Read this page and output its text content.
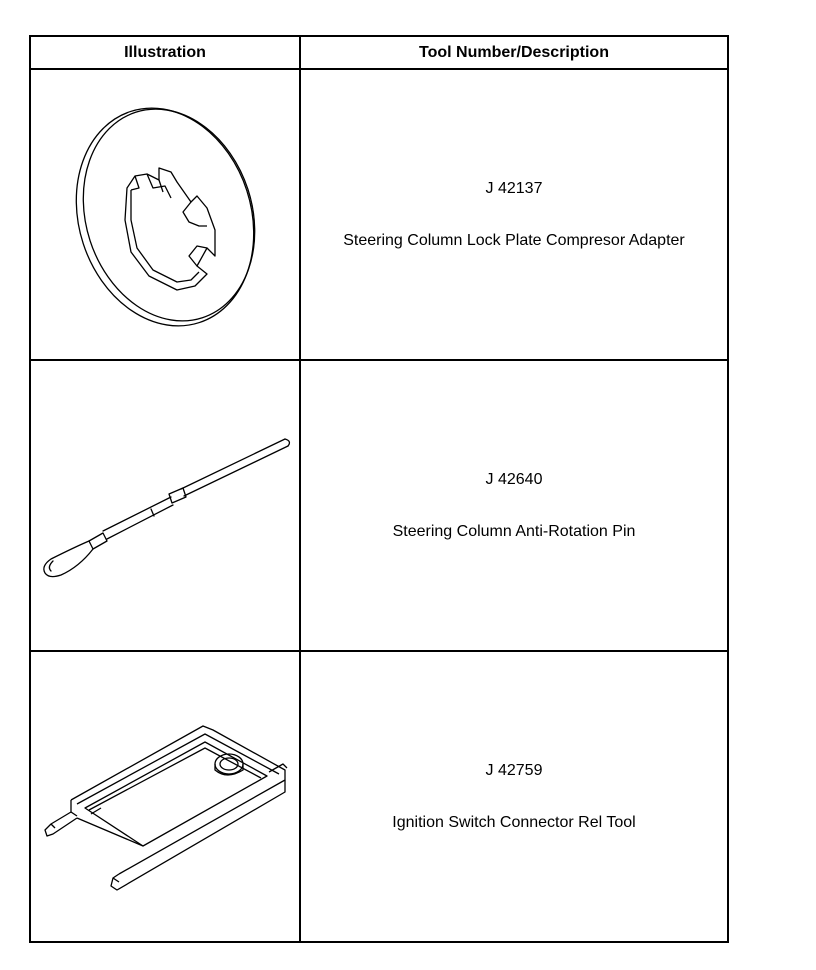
Illustration	Tool Number/Description

J 42137
Steering Column Lock Plate Compresor Adapter

J 42640
Steering Column Anti-Rotation Pin

J 42759
Ignition Switch Connector Rel Tool
